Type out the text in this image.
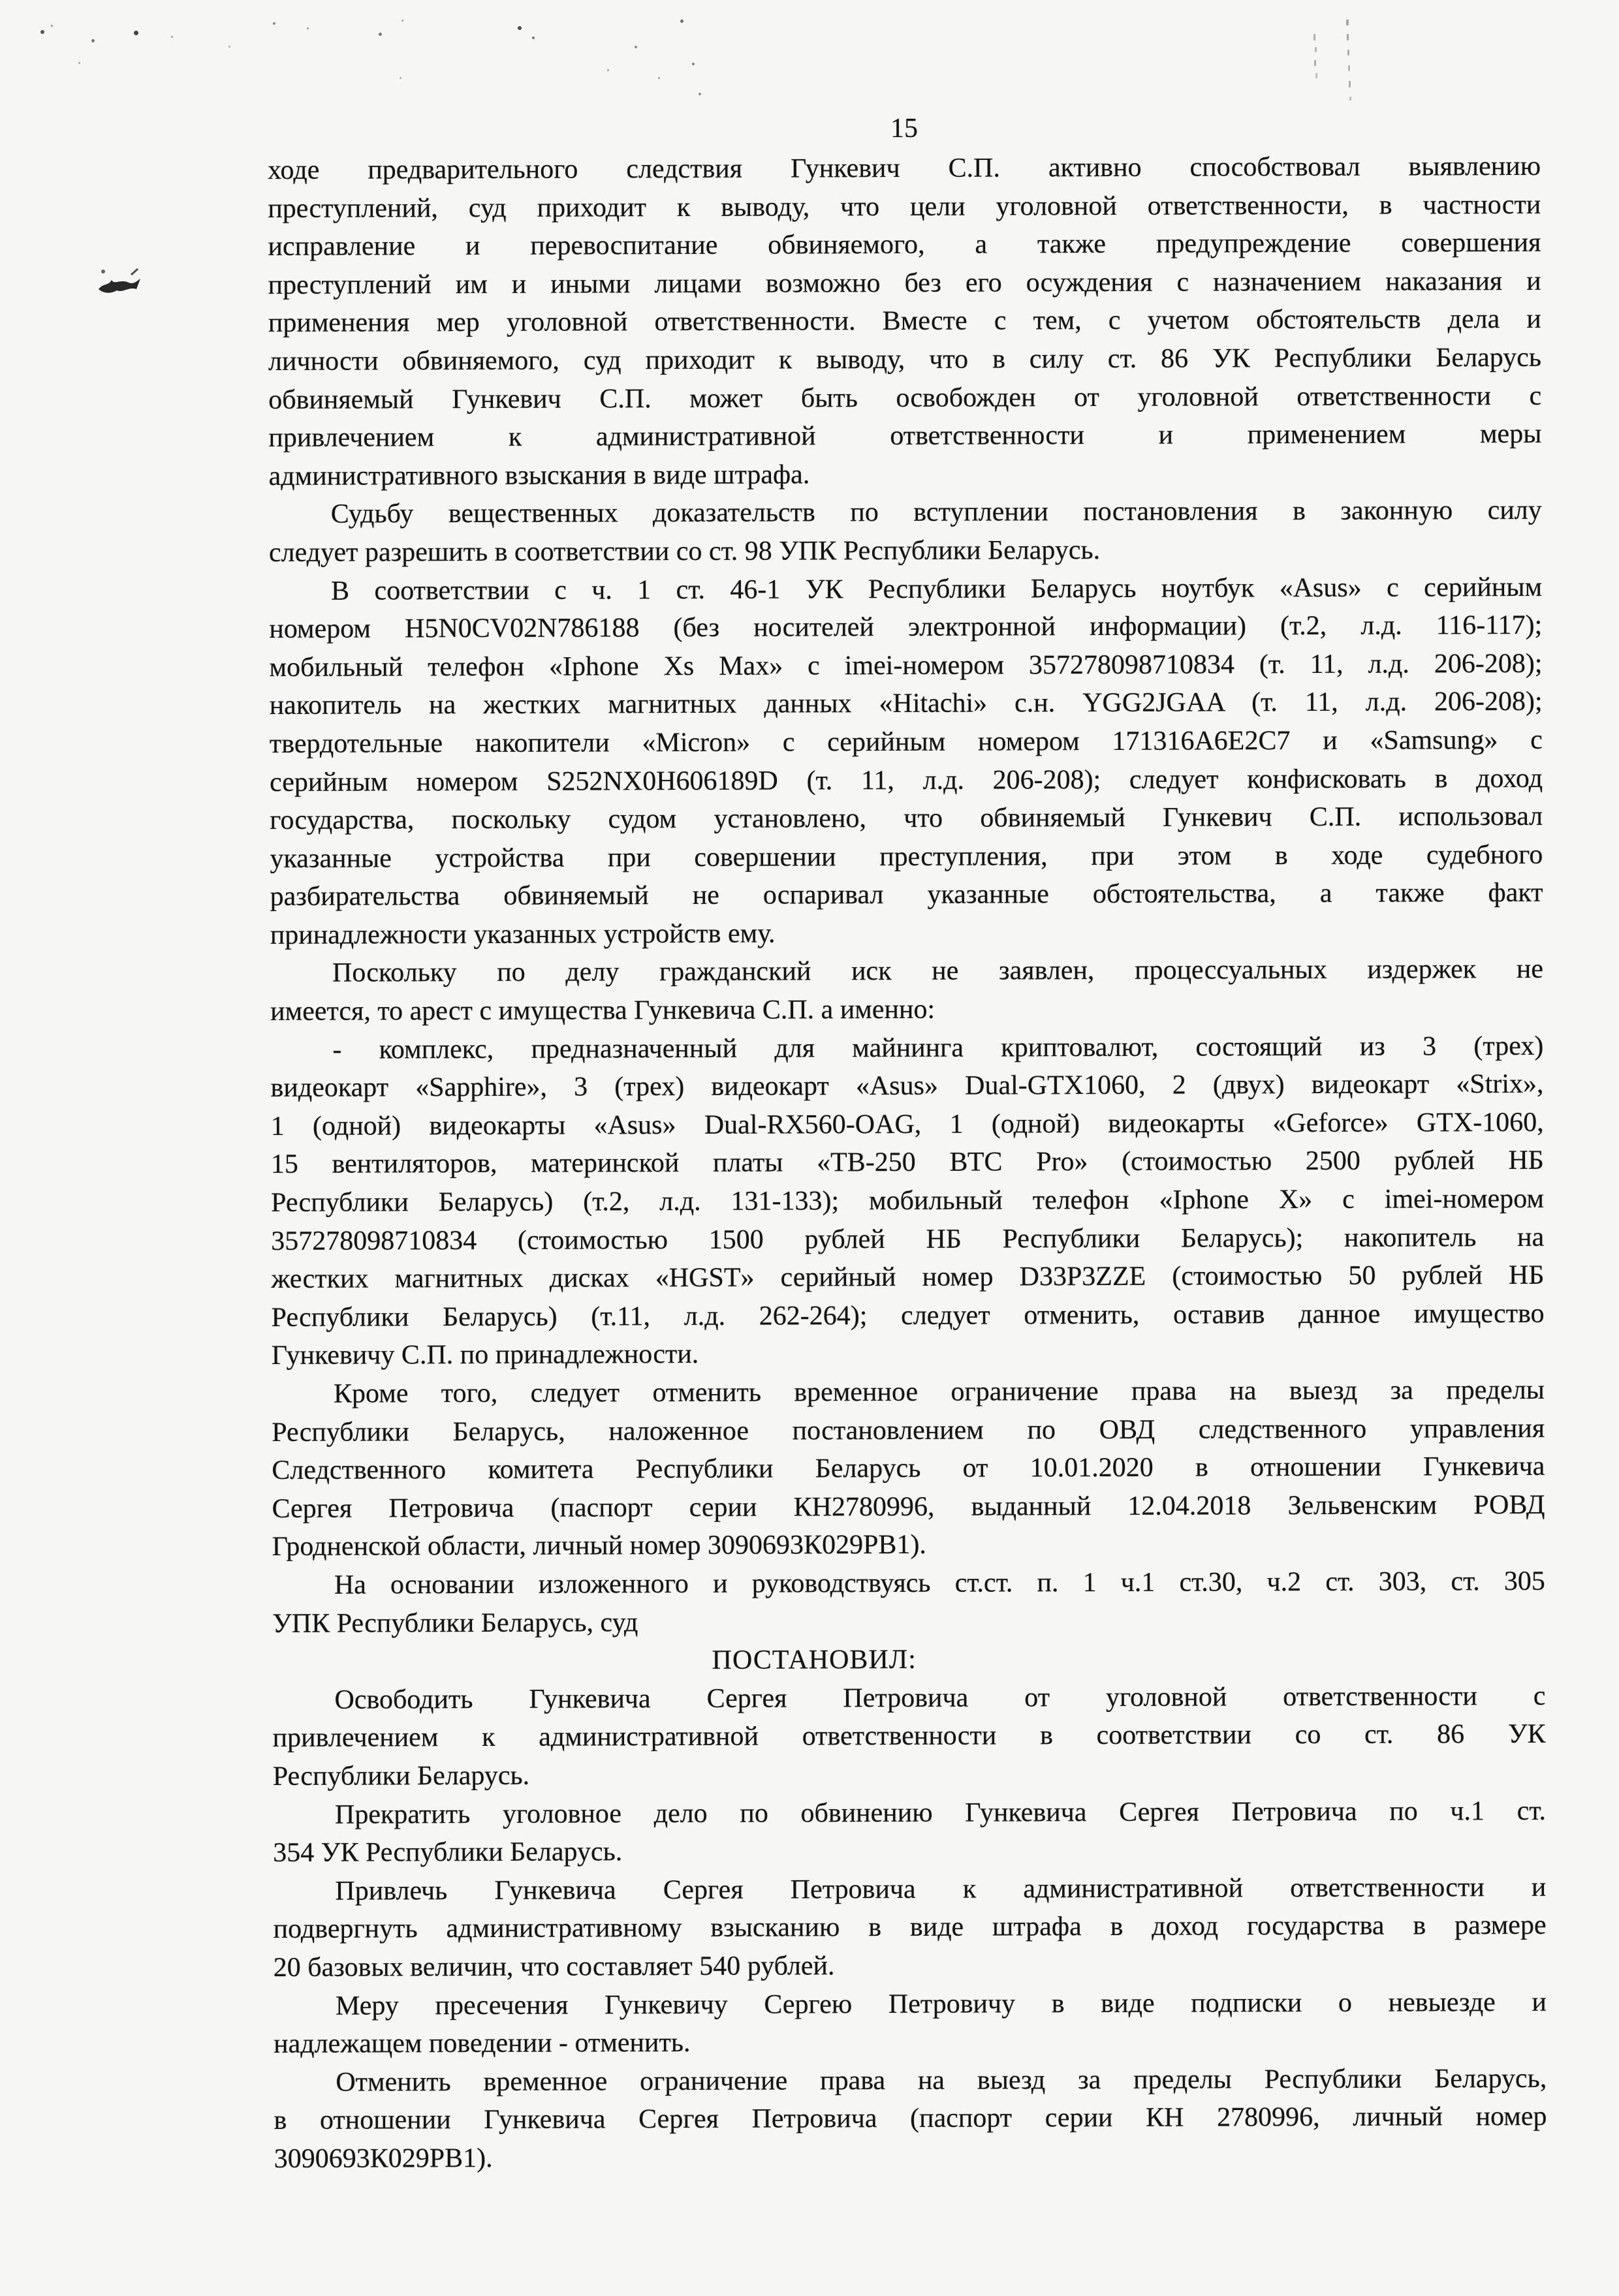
15
ходе предварительного следствия Гункевич С.П. активно способствовал выявлению
преступлений, суд приходит к выводу, что цели уголовной ответственности, в частности
исправление и перевоспитание обвиняемого, а также предупреждение совершения
преступлений им и иными лицами возможно без его осуждения с назначением наказания и
применения мер уголовной ответственности. Вместе с тем, с учетом обстоятельств дела и
личности обвиняемого, суд приходит к выводу, что в силу ст. 86 УК Республики Беларусь
обвиняемый Гункевич С.П. может быть освобожден от уголовной ответственности с
привлечением к административной ответственности и применением меры
административного взыскания в виде штрафа.
Судьбу вещественных доказательств по вступлении постановления в законную силу
следует разрешить в соответствии со ст. 98 УПК Республики Беларусь.
В соответствии с ч. 1 ст. 46-1 УК Республики Беларусь ноутбук «Asus» с серийным
номером H5N0CV02N786188 (без носителей электронной информации) (т.2, л.д. 116-117);
мобильный телефон «Iphone Xs Max» с imei-номером 357278098710834 (т. 11, л.д. 206-208);
накопитель на жестких магнитных данных «Hitachi» с.н. YGG2JGAA (т. 11, л.д. 206-208);
твердотельные накопители «Micron» с серийным номером 171316A6E2C7 и «Samsung» с
серийным номером S252NX0H606189D (т. 11, л.д. 206-208); следует конфисковать в доход
государства, поскольку судом установлено, что обвиняемый Гункевич С.П. использовал
указанные устройства при совершении преступления, при этом в ходе судебного
разбирательства обвиняемый не оспаривал указанные обстоятельства, а также факт
принадлежности указанных устройств ему.
Поскольку по делу гражданский иск не заявлен, процессуальных издержек не
имеется, то арест с имущества Гункевича С.П. а именно:
- комплекс, предназначенный для майнинга криптовалют, состоящий из 3 (трех)
видеокарт «Sapphire», 3 (трех) видеокарт «Asus» Dual-GTX1060, 2 (двух) видеокарт «Strix»,
1 (одной) видеокарты «Asus» Dual-RX560-OAG, 1 (одной) видеокарты «Geforce» GTX-1060,
15 вентиляторов, материнской платы «ТВ-250 ВТС Pro» (стоимостью 2500 рублей НБ
Республики Беларусь) (т.2, л.д. 131-133); мобильный телефон «Iphone X» с imei-номером
357278098710834 (стоимостью 1500 рублей НБ Республики Беларусь); накопитель на
жестких магнитных дисках «HGST» серийный номер D33P3ZZE (стоимостью 50 рублей НБ
Республики Беларусь) (т.11, л.д. 262-264); следует отменить, оставив данное имущество
Гункевичу С.П. по принадлежности.
Кроме того, следует отменить временное ограничение права на выезд за пределы
Республики Беларусь, наложенное постановлением по ОВД следственного управления
Следственного комитета Республики Беларусь от 10.01.2020 в отношении Гункевича
Сергея Петровича (паспорт серии КН2780996, выданный 12.04.2018 Зельвенским РОВД
Гродненской области, личный номер 3090693К029РВ1).
На основании изложенного и руководствуясь ст.ст. п. 1 ч.1 ст.30, ч.2 ст. 303, ст. 305
УПК Республики Беларусь, суд
ПОСТАНОВИЛ:
Освободить Гункевича Сергея Петровича от уголовной ответственности с
привлечением к административной ответственности в соответствии со ст. 86 УК
Республики Беларусь.
Прекратить уголовное дело по обвинению Гункевича Сергея Петровича по ч.1 ст.
354 УК Республики Беларусь.
Привлечь Гункевича Сергея Петровича к административной ответственности и
подвергнуть административному взысканию в виде штрафа в доход государства в размере
20 базовых величин, что составляет 540 рублей.
Меру пресечения Гункевичу Сергею Петровичу в виде подписки о невыезде и
надлежащем поведении - отменить.
Отменить временное ограничение права на выезд за пределы Республики Беларусь,
в отношении Гункевича Сергея Петровича (паспорт серии КН 2780996, личный номер
3090693К029РВ1).
